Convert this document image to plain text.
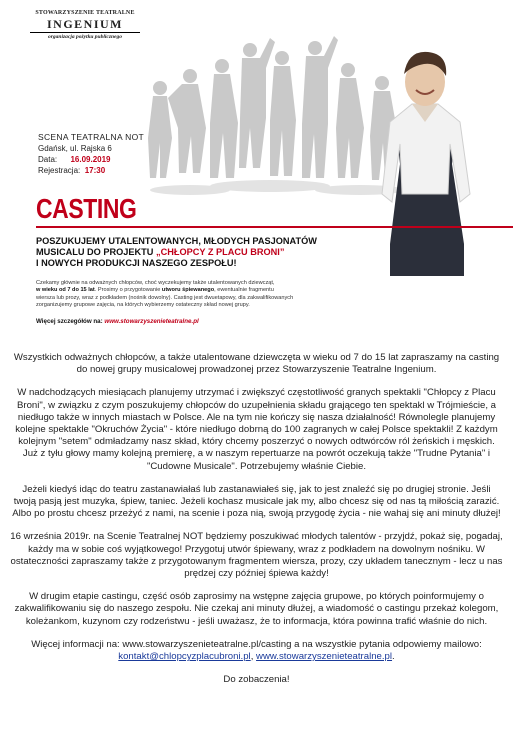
STOWARZYSZENIE TEATRALNE
INGENIUM
organizacja pożytku publicznego
SCENA TEATRALNA NOT
Gdańsk, ul. Rajska 6
Data: 16.09.2019
Rejestracja: 17:30
CASTING
POSZUKUJEMY UTALENTOWANYCH, MŁODYCH PASJONATÓW
MUSICALU DO PROJEKTU „CHŁOPCY Z PLACU BRONI”
I NOWYCH PRODUKCJI NASZEGO ZESPOŁU!
Czekamy głównie na odważnych chłopców, choć wyczekujemy także utalentowanych dziewcząt,
w wieku od 7 do 15 lat. Prosimy o przygotowanie utworu śpiewanego, ewentualnie fragmentu
wiersza lub prozy, wraz z podkładem (nośnik dowolny). Casting jest dwuetapowy, dla zakwalifikowanych
zorganizujemy grupowe zajęcia, na których wybierzemy ostateczny skład nowej grupy.
Więcej szczegółów na: www.stowarzyszenieteatralne.pl

Wszystkich odważnych chłopców, a także utalentowane dziewczęta w wieku od 7 do 15 lat zapraszamy na casting do nowej grupy musicalowej prowadzonej przez Stowarzyszenie Teatralne Ingenium.

W nadchodzących miesiącach planujemy utrzymać i zwiększyć częstotliwość granych spektakli "Chłopcy z Placu Broni", w związku z czym poszukujemy chłopców do uzupełnienia składu grającego ten spektakl w Trójmieście, a niedługo także w innych miastach w Polsce. Ale na tym nie kończy się nasza działalność! Równolegle planujemy kolejne spektakle "Okruchów Życia" - które niedługo dobrną do 100 zagranych w całej Polsce spektakli! Z każdym kolejnym "setem" odmładzamy nasz skład, który chcemy poszerzyć o nowych odtwórców ról żeńskich i męskich. Już z tyłu głowy mamy kolejną premierę, a w naszym repertuarze na powrót oczekują także "Trudne Pytania" i "Cudowne Musicale". Potrzebujemy właśnie Ciebie.

Jeżeli kiedyś idąc do teatru zastanawiałaś lub zastanawiałeś się, jak to jest znaleźć się po drugiej stronie. Jeśli twoją pasją jest muzyka, śpiew, taniec. Jeżeli kochasz musicale jak my, albo chcesz się od nas tą miłością zarazić. Albo po prostu chcesz przeżyć z nami, na scenie i poza nią, swoją przygodę życia - nie wahaj się ani minuty dłużej!

16 września 2019r. na Scenie Teatralnej NOT będziemy poszukiwać młodych talentów - przyjdź, pokaż się, pogadaj, każdy ma w sobie coś wyjątkowego! Przygotuj utwór śpiewany, wraz z podkładem na dowolnym nośniku. W ostateczności zapraszamy także z przygotowanym fragmentem wiersza, prozy, czy układem tanecznym - lecz u nas prędzej czy później śpiewa każdy!

W drugim etapie castingu, część osób zaprosimy na wstępne zajęcia grupowe, po których poinformujemy o zakwalifikowaniu się do naszego zespołu. Nie czekaj ani minuty dłużej, a wiadomość o castingu przekaż kolegom, koleżankom, kuzynom czy rodzeństwu - jeśli uważasz, że to informacja, która powinna trafić właśnie do nich.

Więcej informacji na: www.stowarzyszenieteatralne.pl/casting a na wszystkie pytania odpowiemy mailowo:
kontakt@chlopcyzplacubroni.pl, www.stowarzyszenieteatralne.pl.

Do zobaczenia!
